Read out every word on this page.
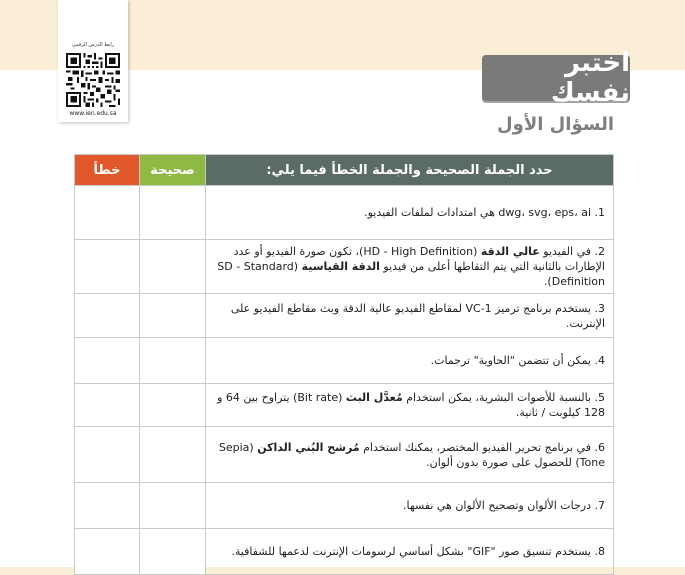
رابط الدرس الرقمي
www.ien.edu.sa
اختبر نفسك
السؤال الأول
حدد الجملة الصحيحة والجملة الخطأ فيما يلي:	صحيحة	خطأ
1. dwg، svg، eps، ai هي امتدادات لملفات الفيديو.		
2. في الفيديو عالي الدقة (HD - High Definition)، تكون صورة الفيديو أو عدد الإطارات بالثانية التي يتم التقاطها أعلى من فيديو الدقة القياسية (SD - Standard Definition).		
3. يستخدم برنامج ترميز VC-1 لمقاطع الفيديو عالية الدقة وبث مقاطع الفيديو على الإنترنت.		
4. يمكن أن تتضمن "الحاوية" ترجمات.		
5. بالنسبة للأصوات البشرية، يمكن استخدام مُعدَّل البث (Bit rate) يتراوح بين 64 و 128 كيلوبت / ثانية.		
6. في برنامج تحرير الفيديو المختصر، يمكنك استخدام مُرشح البُني الداكن (Sepia Tone) للحصول على صورة بدون ألوان.		
7. درجات الألوان وتصحيح الألوان هي نفسها.		
8. يستخدم تنسيق صور "GIF" بشكل أساسي لرسومات الإنترنت لدعمها للشفافية.		
